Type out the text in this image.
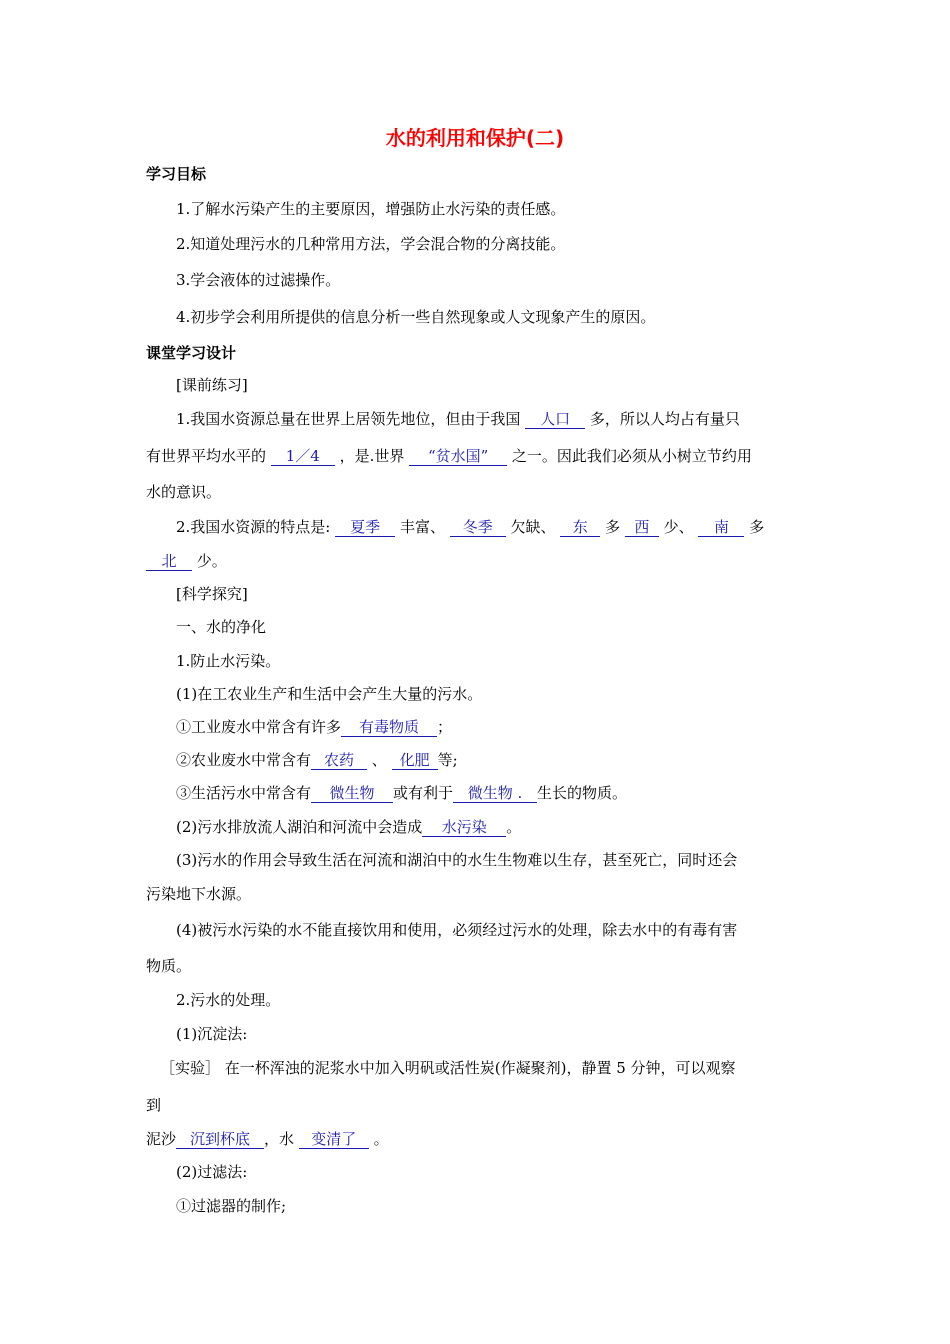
水的利用和保护(二)
学习目标
1.了解水污染产生的主要原因，增强防止水污染的责任感。
2.知道处理污水的几种常用方法，学会混合物的分离技能。
3.学会液体的过滤操作。
4.初步学会利用所提供的信息分析一些自然现象或人文现象产生的原因。
课堂学习设计
[课前练习]
1.我国水资源总量在世界上居领先地位，但由于我国 人口 多，所以人均占有量只
有世界平均水平的 1／4 ，是.世界 “贫水国” 之一。因此我们必须从小树立节约用
水的意识。
2.我国水资源的特点是: 夏季 丰富、 冬季 欠缺、 东 多 西 少、 南 多
北 少。
[科学探究]
一、水的净化
1.防止水污染。
(1)在工农业生产和生活中会产生大量的污水。
①工业废水中常含有许多 有毒物质 ；
②农业废水中常含有 农药 、 化肥 等;
③生活污水中常含有 微生物 或有利于 微生物 . 生长的物质。
(2)污水排放流人湖泊和河流中会造成 水污染 。
(3)污水的作用会导致生活在河流和湖泊中的水生生物难以生存，甚至死亡，同时还会
污染地下水源。
(4)被污水污染的水不能直接饮用和使用，必须经过污水的处理，除去水中的有毒有害
物质。
2.污水的处理。
(1)沉淀法:
［实验］ 在一杯浑浊的泥浆水中加入明矾或活性炭(作凝聚剂)，静置 5 分钟，可以观察
到
泥沙 沉到杯底 ，水 变清了 。
(2)过滤法:
①过滤器的制作;
